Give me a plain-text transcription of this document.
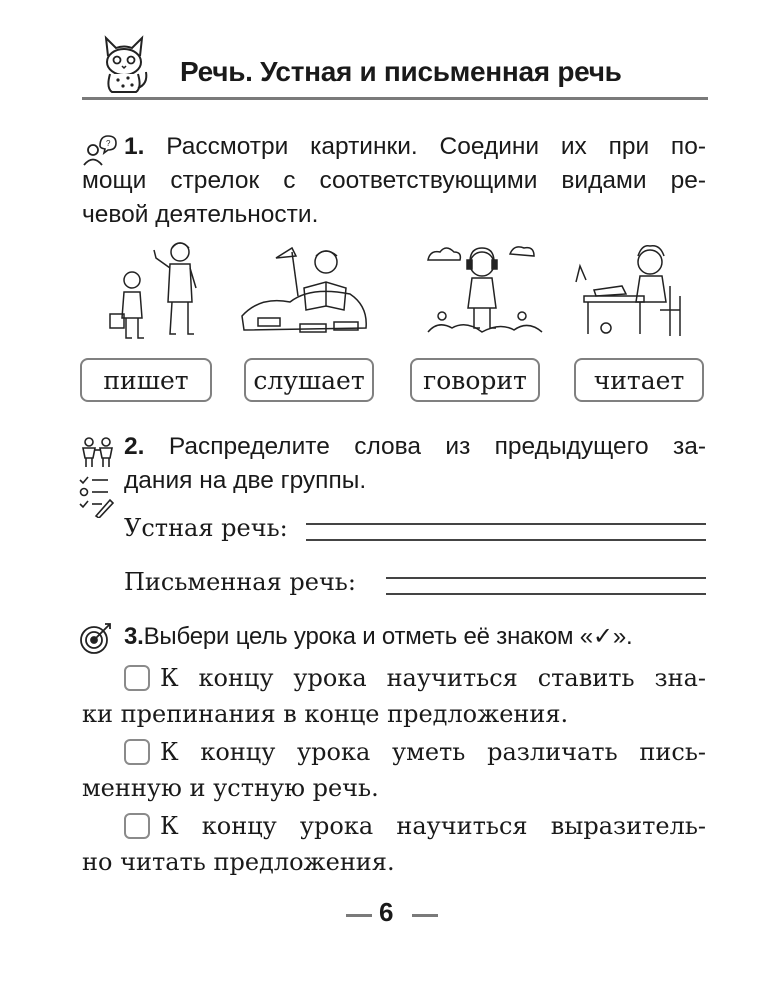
Речь. Устная и письменная речь
? 1. Рассмотри картинки. Соедини их при по-
мощи стрелок с соответствующими видами ре-
чевой деятельности.
пишет	слушает	говорит	читает
2. Распределите слова из предыдущего за-
дания на две группы.
Устная речь:
Письменная речь:
3.Выбери цель урока и отметь её знаком «✓».
К концу урока научиться ставить зна-
ки препинания в конце предложения.
К концу урока уметь различать пись-
менную и устную речь.
К концу урока научиться выразитель-
но читать предложения.
6
